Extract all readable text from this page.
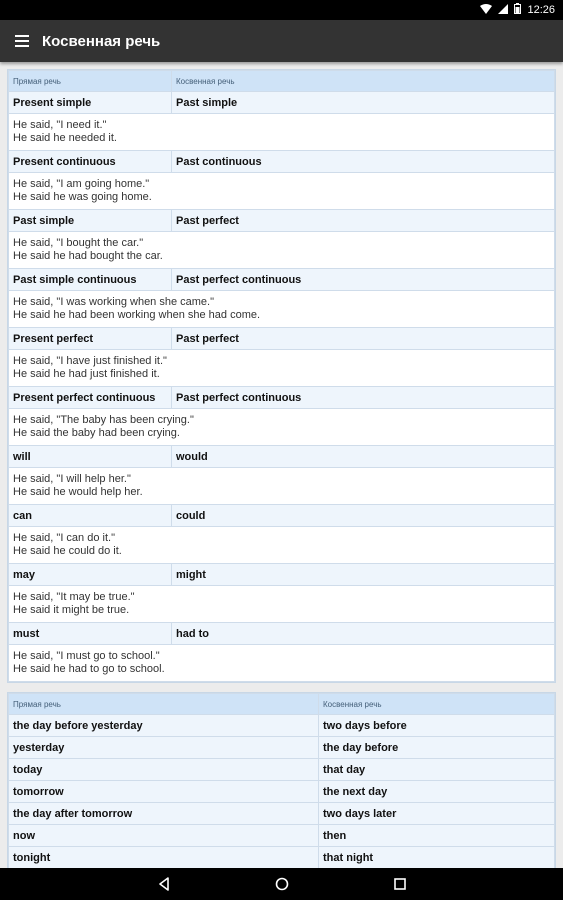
12:26
Косвенная речь
Прямая речь	Косвенная речь
Present simple	Past simple

He said, "I need it."
He said he needed it.	

Present continuous	Past continuous

He said, "I am going home."
He said he was going home.	

Past simple	Past perfect

He said, "I bought the car."
He said he had bought the car.	

Past simple continuous	Past perfect continuous

He said, "I was working when she came."
He said he had been working when she had come.	

Present perfect	Past perfect

He said, "I have just finished it."
He said he had just finished it.	

Present perfect continuous	Past perfect continuous

He said, "The baby has been crying."
He said the baby had been crying.	

will	would

He said, "I will help her."
He said he would help her.	

can	could

He said, "I can do it."
He said he could do it.	

may	might

He said, "It may be true."
He said it might be true.	

must	had to

He said, "I must go to school."
He said he had to go to school.	
Прямая речь	Косвенная речь
the day before yesterday	two days before
yesterday	the day before
today	that day
tomorrow	the next day
the day after tomorrow	two days later
now	then
tonight	that night
